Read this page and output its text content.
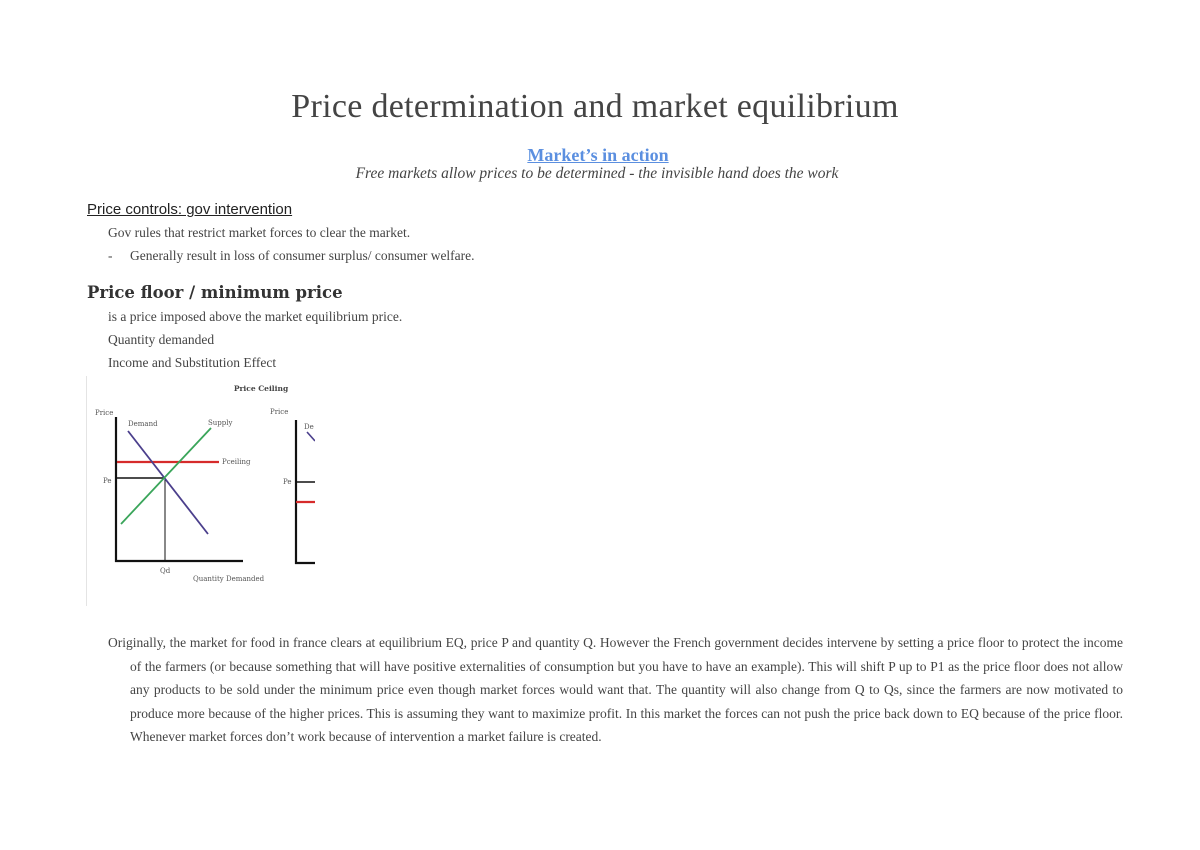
Price determination and market equilibrium
Market’s in action
Free markets allow prices to be determined - the invisible hand does the work
Price controls: gov intervention
Gov rules that restrict market forces to clear the market.
- Generally result in loss of consumer surplus/ consumer welfare.
Price floor / minimum price
is a price imposed above the market equilibrium price.
Quantity demanded
Income and Substitution Effect
Price Ceiling
Price
Demand	Supply
Pceiling
Pe
Qd
Quantity Demanded
Price
De
Pe

Originally, the market for food in france clears at equilibrium EQ, price P and quantity Q. However the French government decides intervene by setting a price floor to protect the income of the farmers (or because something that will have positive externalities of consumption but you have to have an example). This will shift P up to P1 as the price floor does not allow any products to be sold under the minimum price even though market forces would want that. The quantity will also change from Q to Qs, since the farmers are now motivated to produce more because of the higher prices. This is assuming they want to maximize profit. In this market the forces can not push the price back down to EQ because of the price floor. Whenever market forces don’t work because of intervention a market failure is created.
